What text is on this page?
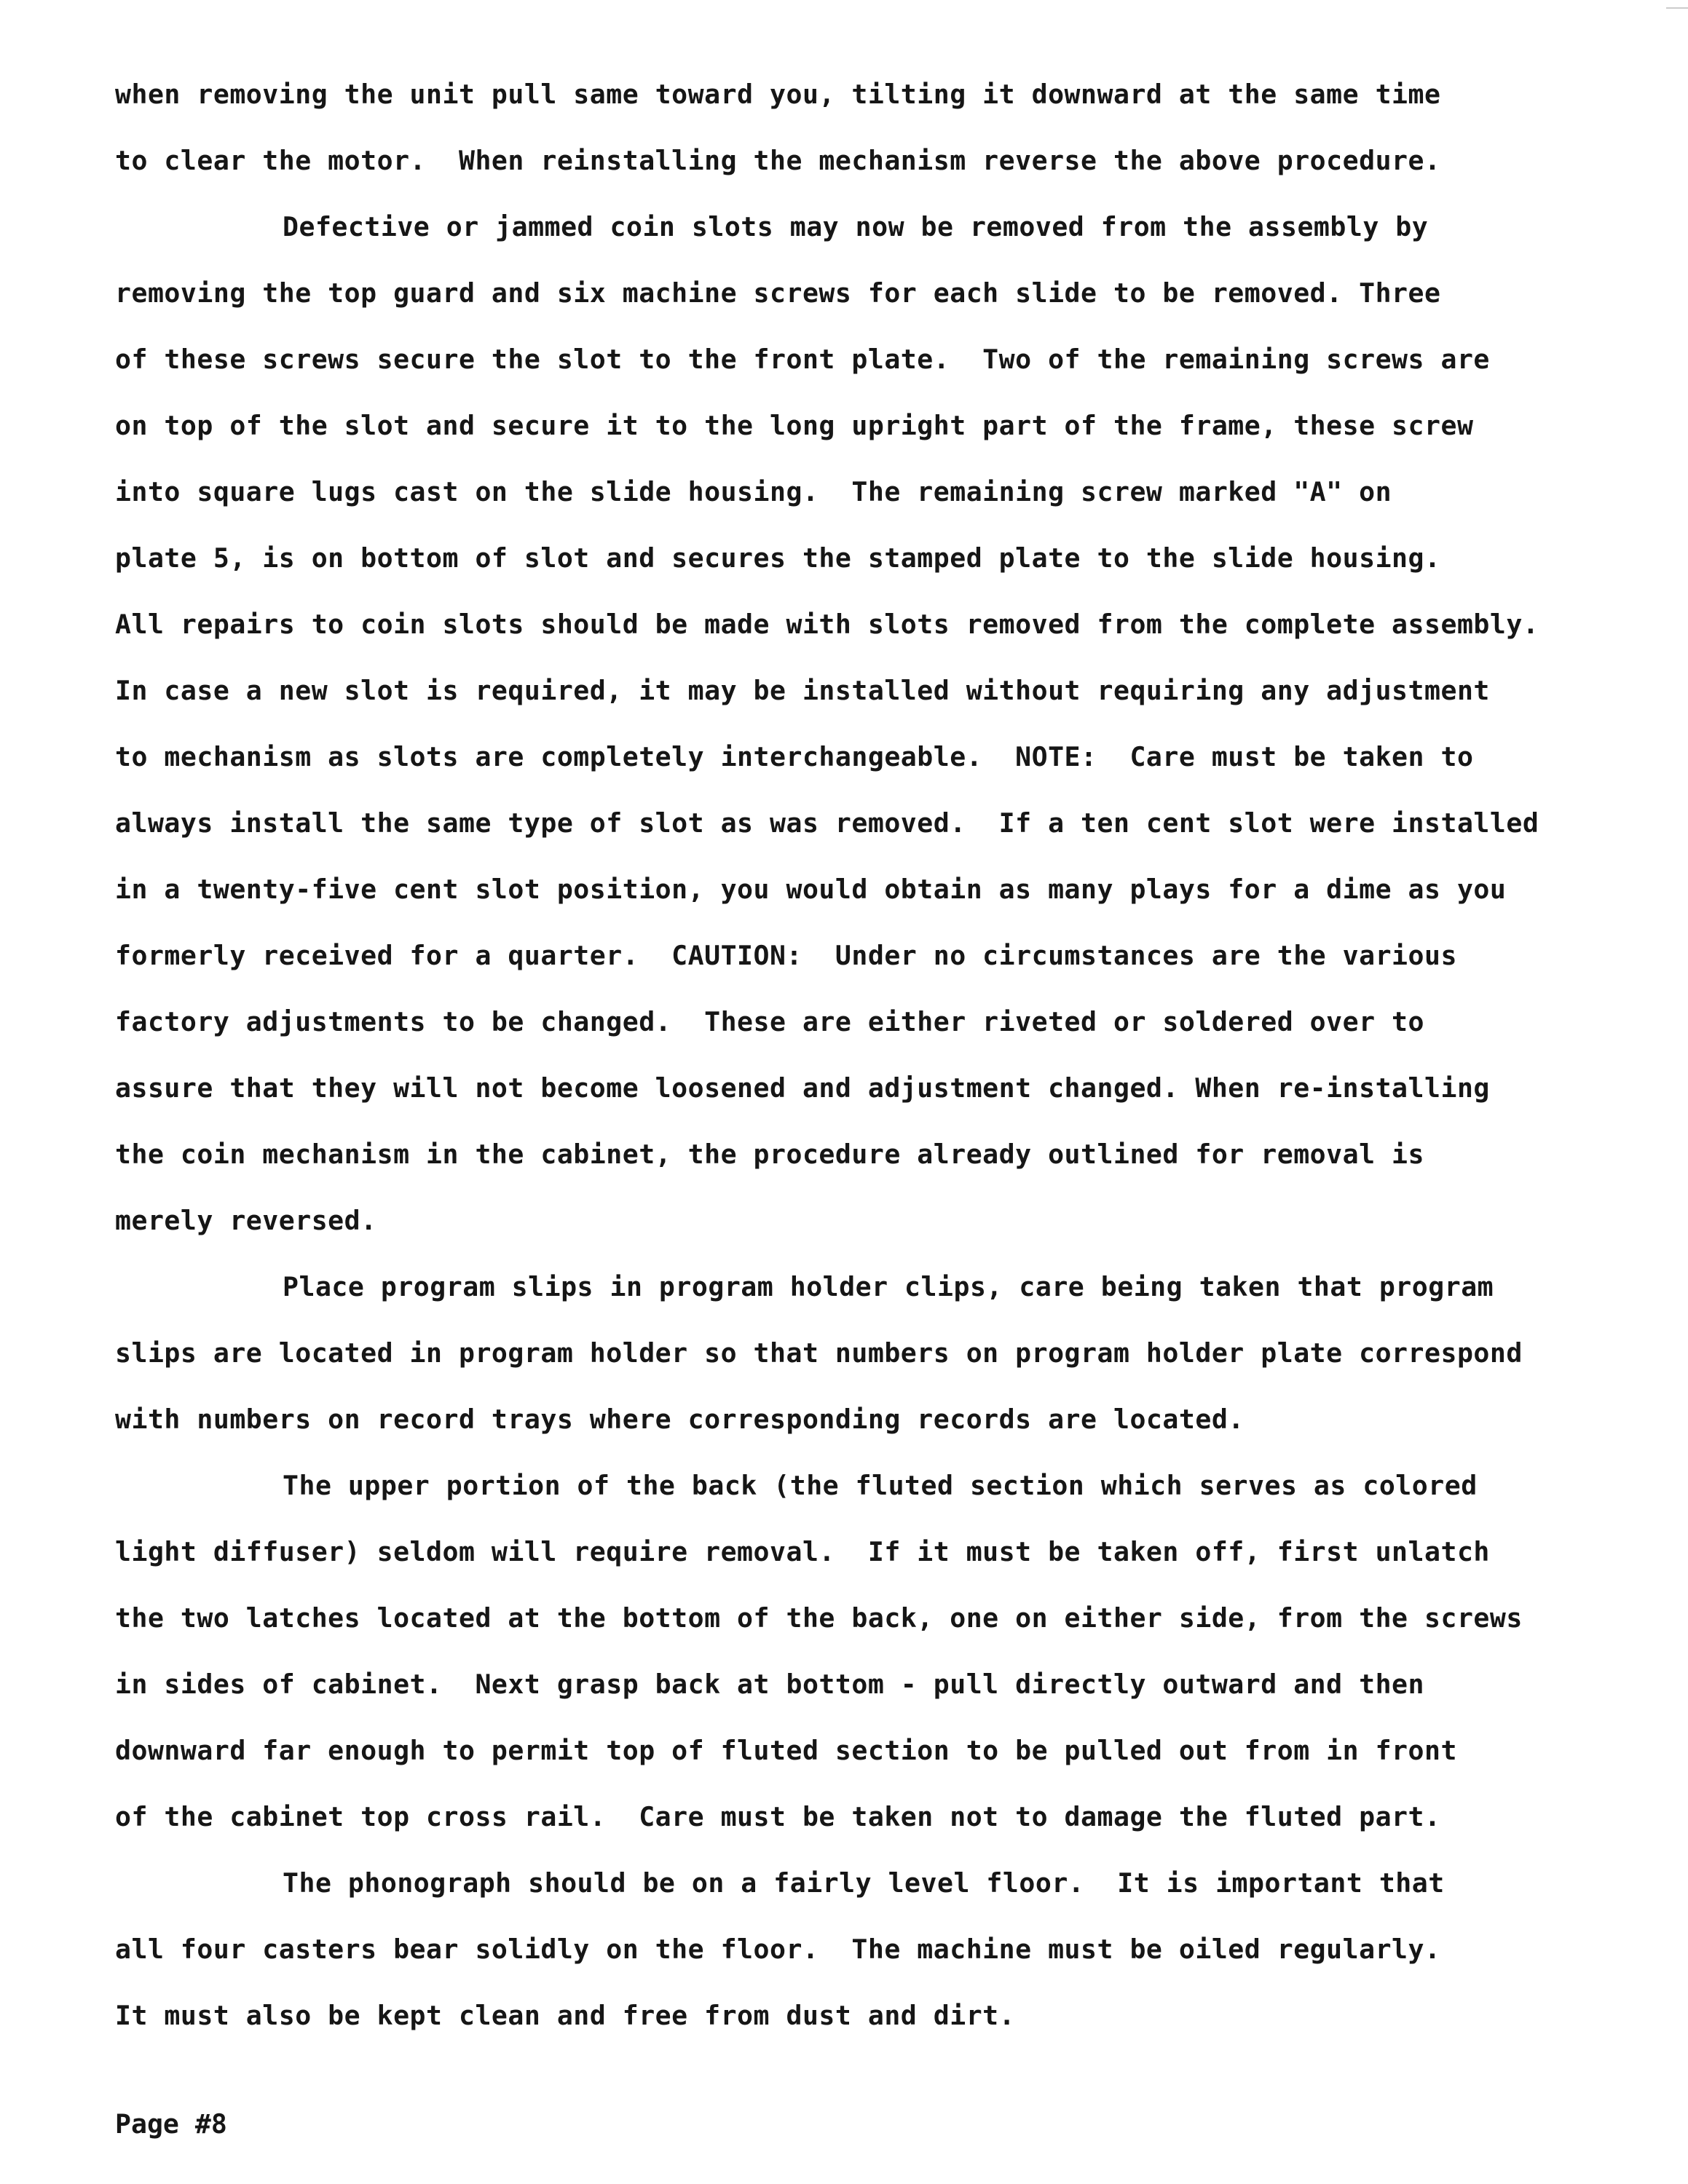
when removing the unit pull same toward you, tilting it downward at the same time
to clear the motor.  When reinstalling the mechanism reverse the above procedure.
Defective or jammed coin slots may now be removed from the assembly by
removing the top guard and six machine screws for each slide to be removed. Three
of these screws secure the slot to the front plate.  Two of the remaining screws are
on top of the slot and secure it to the long upright part of the frame, these screw
into square lugs cast on the slide housing.  The remaining screw marked "A" on
plate 5, is on bottom of slot and secures the stamped plate to the slide housing.
All repairs to coin slots should be made with slots removed from the complete assembly.
In case a new slot is required, it may be installed without requiring any adjustment
to mechanism as slots are completely interchangeable.  NOTE:  Care must be taken to
always install the same type of slot as was removed.  If a ten cent slot were installed
in a twenty-five cent slot position, you would obtain as many plays for a dime as you
formerly received for a quarter.  CAUTION:  Under no circumstances are the various
factory adjustments to be changed.  These are either riveted or soldered over to
assure that they will not become loosened and adjustment changed. When re-installing
the coin mechanism in the cabinet, the procedure already outlined for removal is
merely reversed.
Place program slips in program holder clips, care being taken that program
slips are located in program holder so that numbers on program holder plate correspond
with numbers on record trays where corresponding records are located.
The upper portion of the back (the fluted section which serves as colored
light diffuser) seldom will require removal.  If it must be taken off, first unlatch
the two latches located at the bottom of the back, one on either side, from the screws
in sides of cabinet.  Next grasp back at bottom - pull directly outward and then
downward far enough to permit top of fluted section to be pulled out from in front
of the cabinet top cross rail.  Care must be taken not to damage the fluted part.
The phonograph should be on a fairly level floor.  It is important that
all four casters bear solidly on the floor.  The machine must be oiled regularly.
It must also be kept clean and free from dust and dirt.
Page #8
